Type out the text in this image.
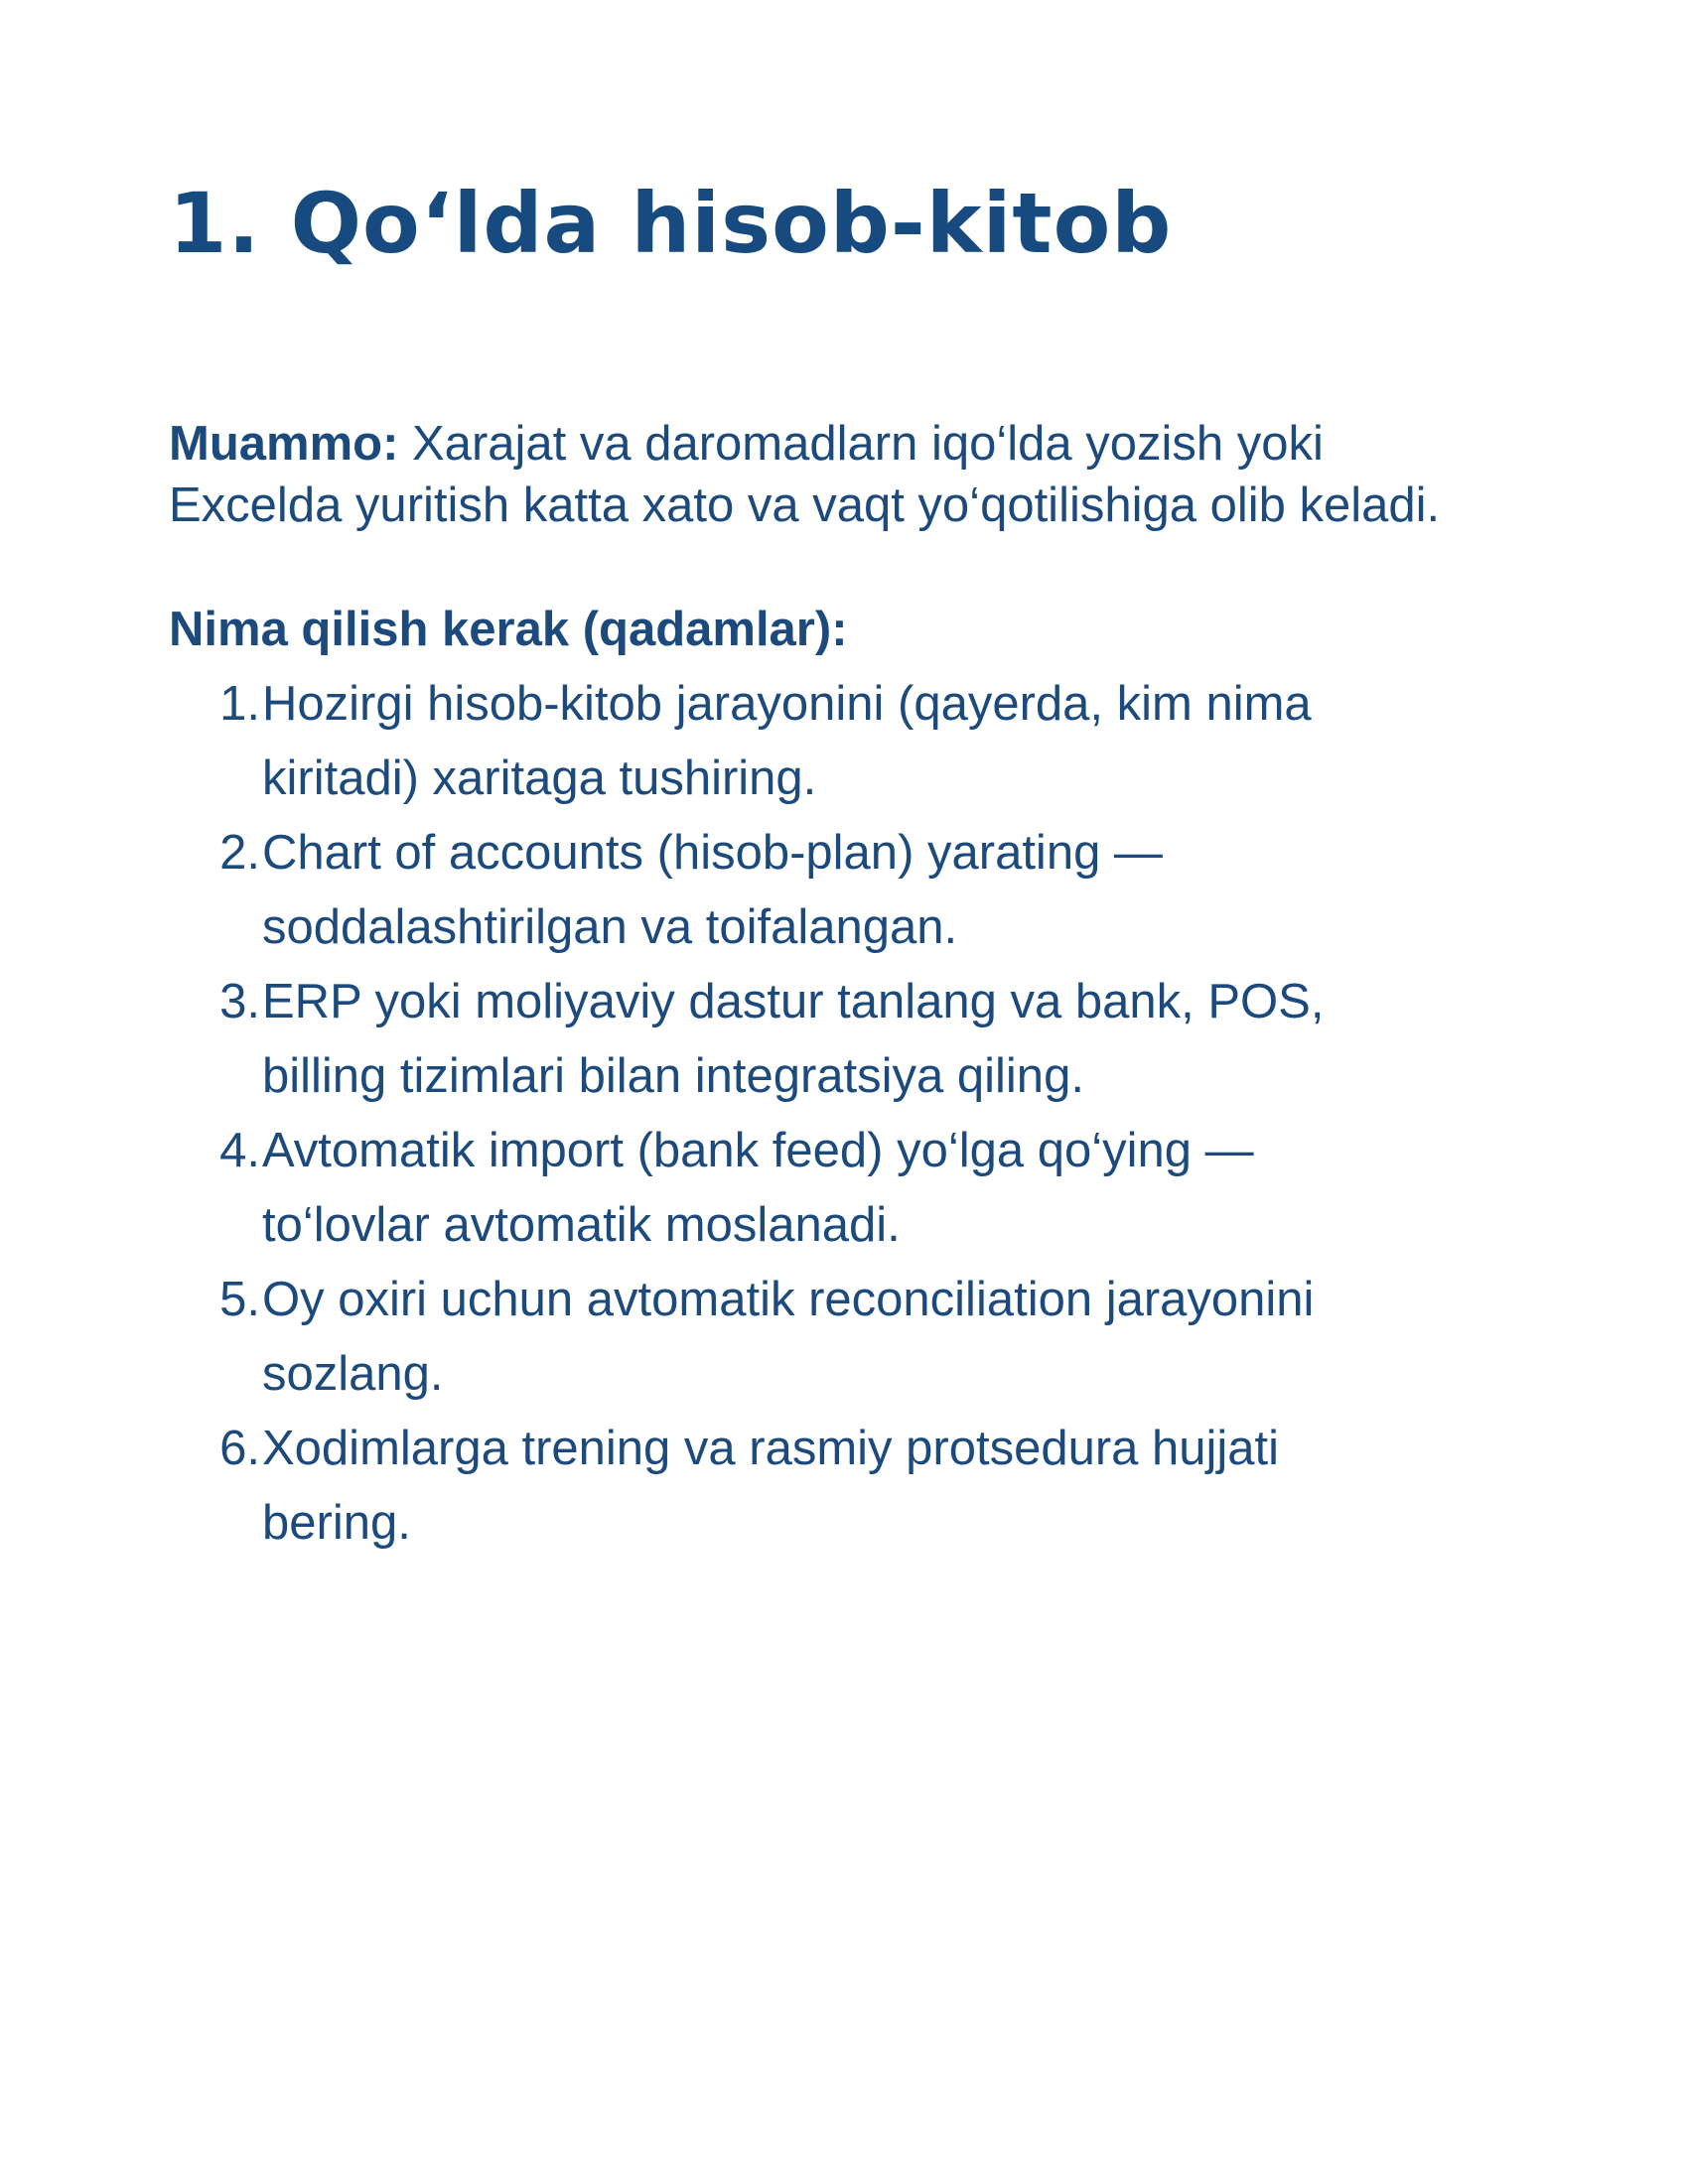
1. Qo‘lda hisob-kitob

Muammo: Xarajat va daromadlarn iqo‘lda yozish yoki Excelda yuritish katta xato va vaqt yo‘qotilishiga olib keladi.

Nima qilish kerak (qadamlar):

1. Hozirgi hisob-kitob jarayonini (qayerda, kim nima kiritadi) xaritaga tushiring.
2. Chart of accounts (hisob-plan) yarating — soddalashtirilgan va toifalangan.
3. ERP yoki moliyaviy dastur tanlang va bank, POS, billing tizimlari bilan integratsiya qiling.
4. Avtomatik import (bank feed) yo‘lga qo‘ying — to‘lovlar avtomatik moslanadi.
5. Oy oxiri uchun avtomatik reconciliation jarayonini sozlang.
6. Xodimlarga trening va rasmiy protsedura hujjati bering.
